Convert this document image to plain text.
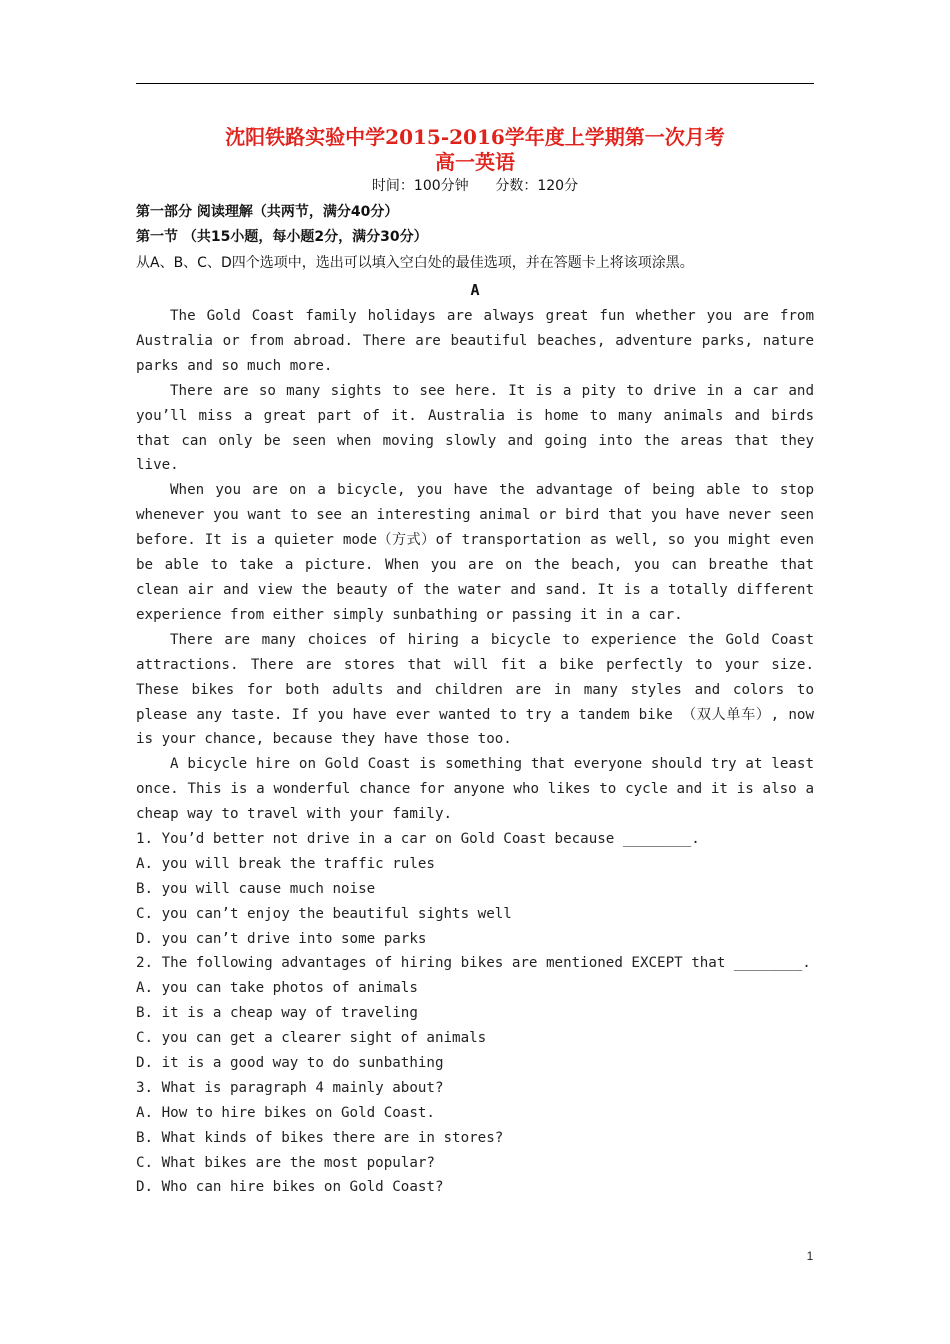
沈阳铁路实验中学2015-2016学年度上学期第一次月考
高一英语
时间：100分钟      分数：120分
第一部分 阅读理解（共两节，满分40分）
第一节 （共15小题，每小题2分，满分30分）
从A、B、C、D四个选项中，选出可以填入空白处的最佳选项，并在答题卡上将该项涂黑。
A

The Gold Coast family holidays are always great fun whether you are from Australia or from abroad. There are beautiful beaches, adventure parks, nature parks and so much more.

There are so many sights to see here. It is a pity to drive in a car and you’ll miss a great part of it. Australia is home to many animals and birds that can only be seen when moving slowly and going into the areas that they live.

When you are on a bicycle, you have the advantage of being able to stop whenever you want to see an interesting animal or bird that you have never seen before. It is a quieter mode（方式）of transportation as well, so you might even be able to take a picture. When you are on the beach, you can breathe that clean air and view the beauty of the water and sand. It is a totally different experience from either simply sunbathing or passing it in a car.

There are many choices of hiring a bicycle to experience the Gold Coast attractions. There are stores that will fit a bike perfectly to your size. These bikes for both adults and children are in many styles and colors to please any taste. If you have ever wanted to try a tandem bike （双人单车）, now is your chance, because they have those too.

A bicycle hire on Gold Coast is something that everyone should try at least once. This is a wonderful chance for anyone who likes to cycle and it is also a cheap way to travel with your family.

1. You’d better not drive in a car on Gold Coast because ________.
A. you will break the traffic rules
B. you will cause much noise
C. you can’t enjoy the beautiful sights well
D. you can’t drive into some parks
2. The following advantages of hiring bikes are mentioned EXCEPT that ________.
A. you can take photos of animals
B. it is a cheap way of traveling
C. you can get a clearer sight of animals
D. it is a good way to do sunbathing
3. What is paragraph 4 mainly about?
A. How to hire bikes on Gold Coast.
B. What kinds of bikes there are in stores?
C. What bikes are the most popular?
D. Who can hire bikes on Gold Coast?
1
